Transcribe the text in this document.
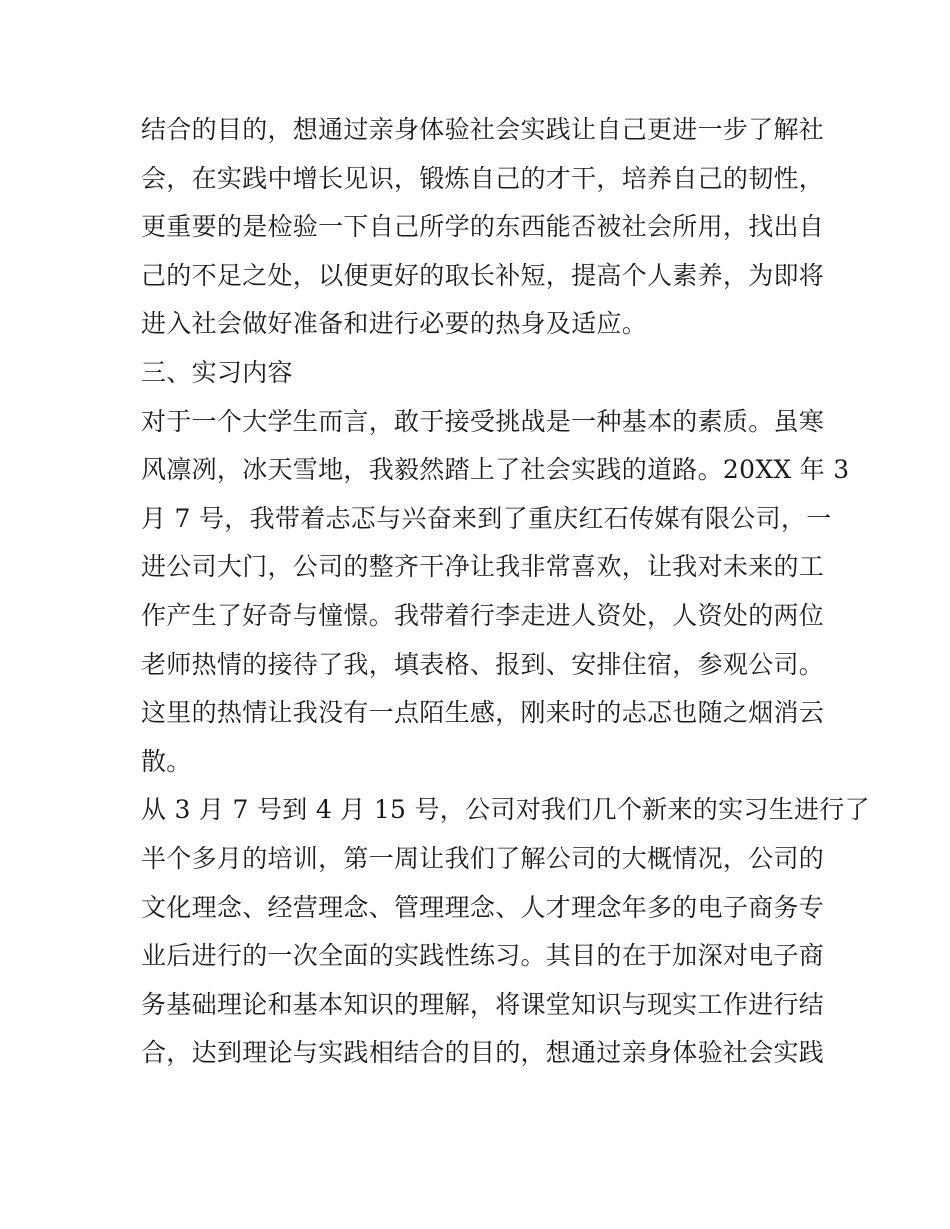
结合的目的，想通过亲身体验社会实践让自己更进一步了解社
会，在实践中增长见识，锻炼自己的才干，培养自己的韧性，
更重要的是检验一下自己所学的东西能否被社会所用，找出自
己的不足之处，以便更好的取长补短，提高个人素养，为即将
进入社会做好准备和进行必要的热身及适应。
三、实习内容
对于一个大学生而言，敢于接受挑战是一种基本的素质。虽寒
风凛冽，冰天雪地，我毅然踏上了社会实践的道路。20XX 年 3
月 7 号，我带着忐忑与兴奋来到了重庆红石传媒有限公司，一
进公司大门，公司的整齐干净让我非常喜欢，让我对未来的工
作产生了好奇与憧憬。我带着行李走进人资处，人资处的两位
老师热情的接待了我，填表格、报到、安排住宿，参观公司。
这里的热情让我没有一点陌生感，刚来时的忐忑也随之烟消云
散。
从 3 月 7 号到 4 月 15 号，公司对我们几个新来的实习生进行了
半个多月的培训，第一周让我们了解公司的大概情况，公司的
文化理念、经营理念、管理理念、人才理念年多的电子商务专
业后进行的一次全面的实践性练习。其目的在于加深对电子商
务基础理论和基本知识的理解，将课堂知识与现实工作进行结
合，达到理论与实践相结合的目的，想通过亲身体验社会实践
